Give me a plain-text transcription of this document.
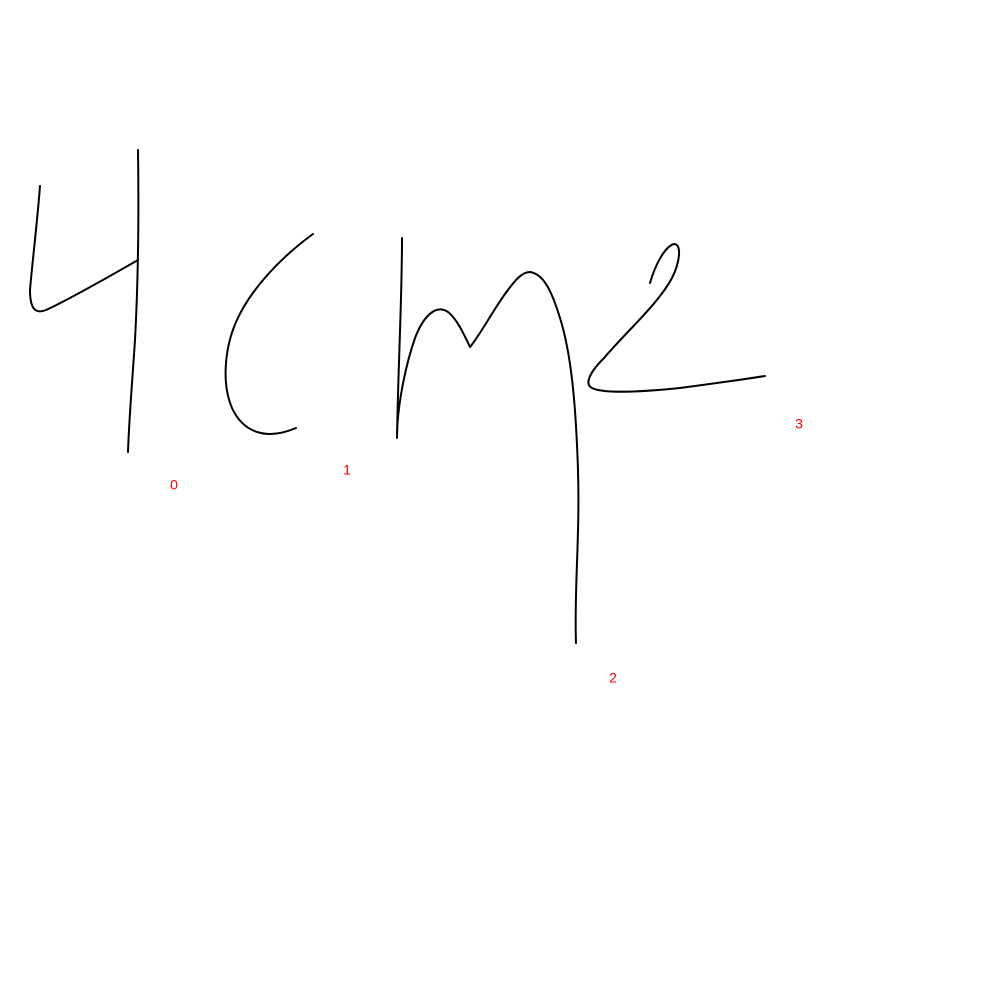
0
1
2
3
